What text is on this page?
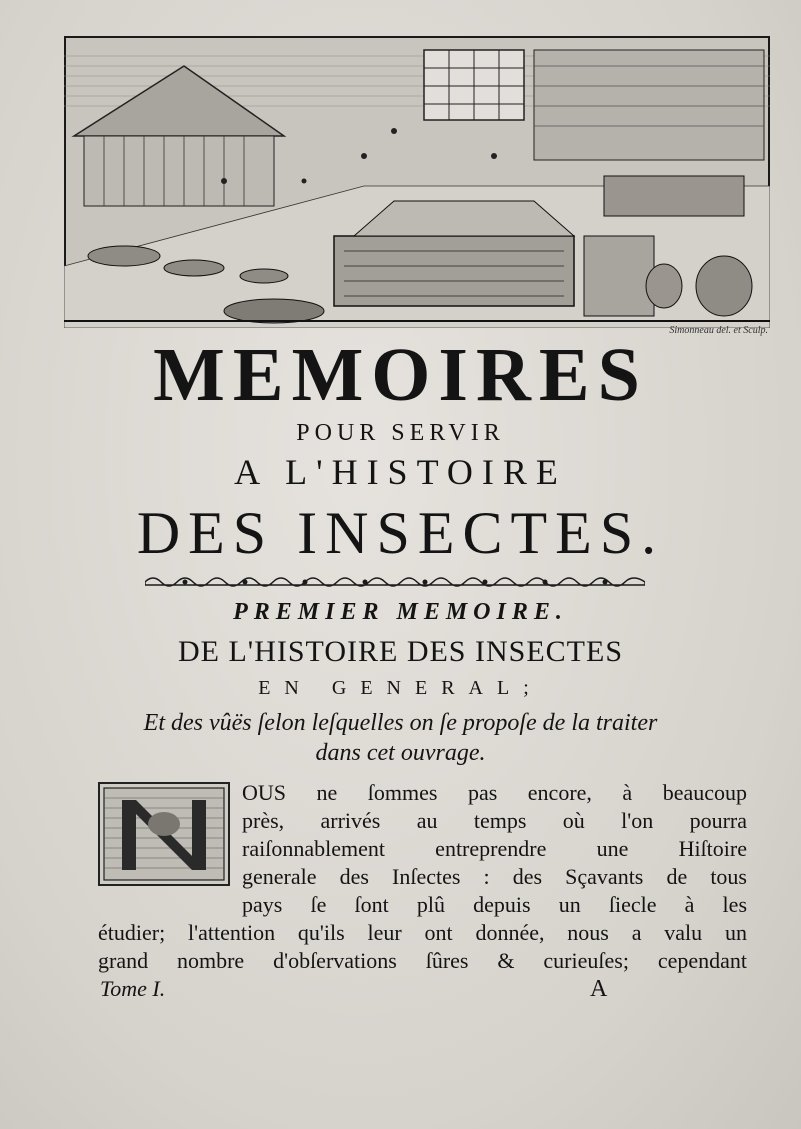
Simonneau del. et Sculp.
MEMOIRES
POUR SERVIR
A L'HISTOIRE
DES INSECTES.
PREMIER MEMOIRE.
DE L'HISTOIRE DES INSECTES
EN GENERAL;
Et des vûës ſelon leſquelles on ſe propoſe de la traiter
dans cet ouvrage.
OUS ne ſommes pas encore, à beaucoup
près, arrivés au temps où l'on pourra
raiſonnablement entreprendre une Hiſtoire
generale des Inſectes : des Sçavants de tous
pays ſe ſont plû depuis un ſiecle à les
étudier; l'attention qu'ils leur ont donnée, nous a valu un
grand nombre d'obſervations ſûres & curieuſes; cependant
Tome I.	A
